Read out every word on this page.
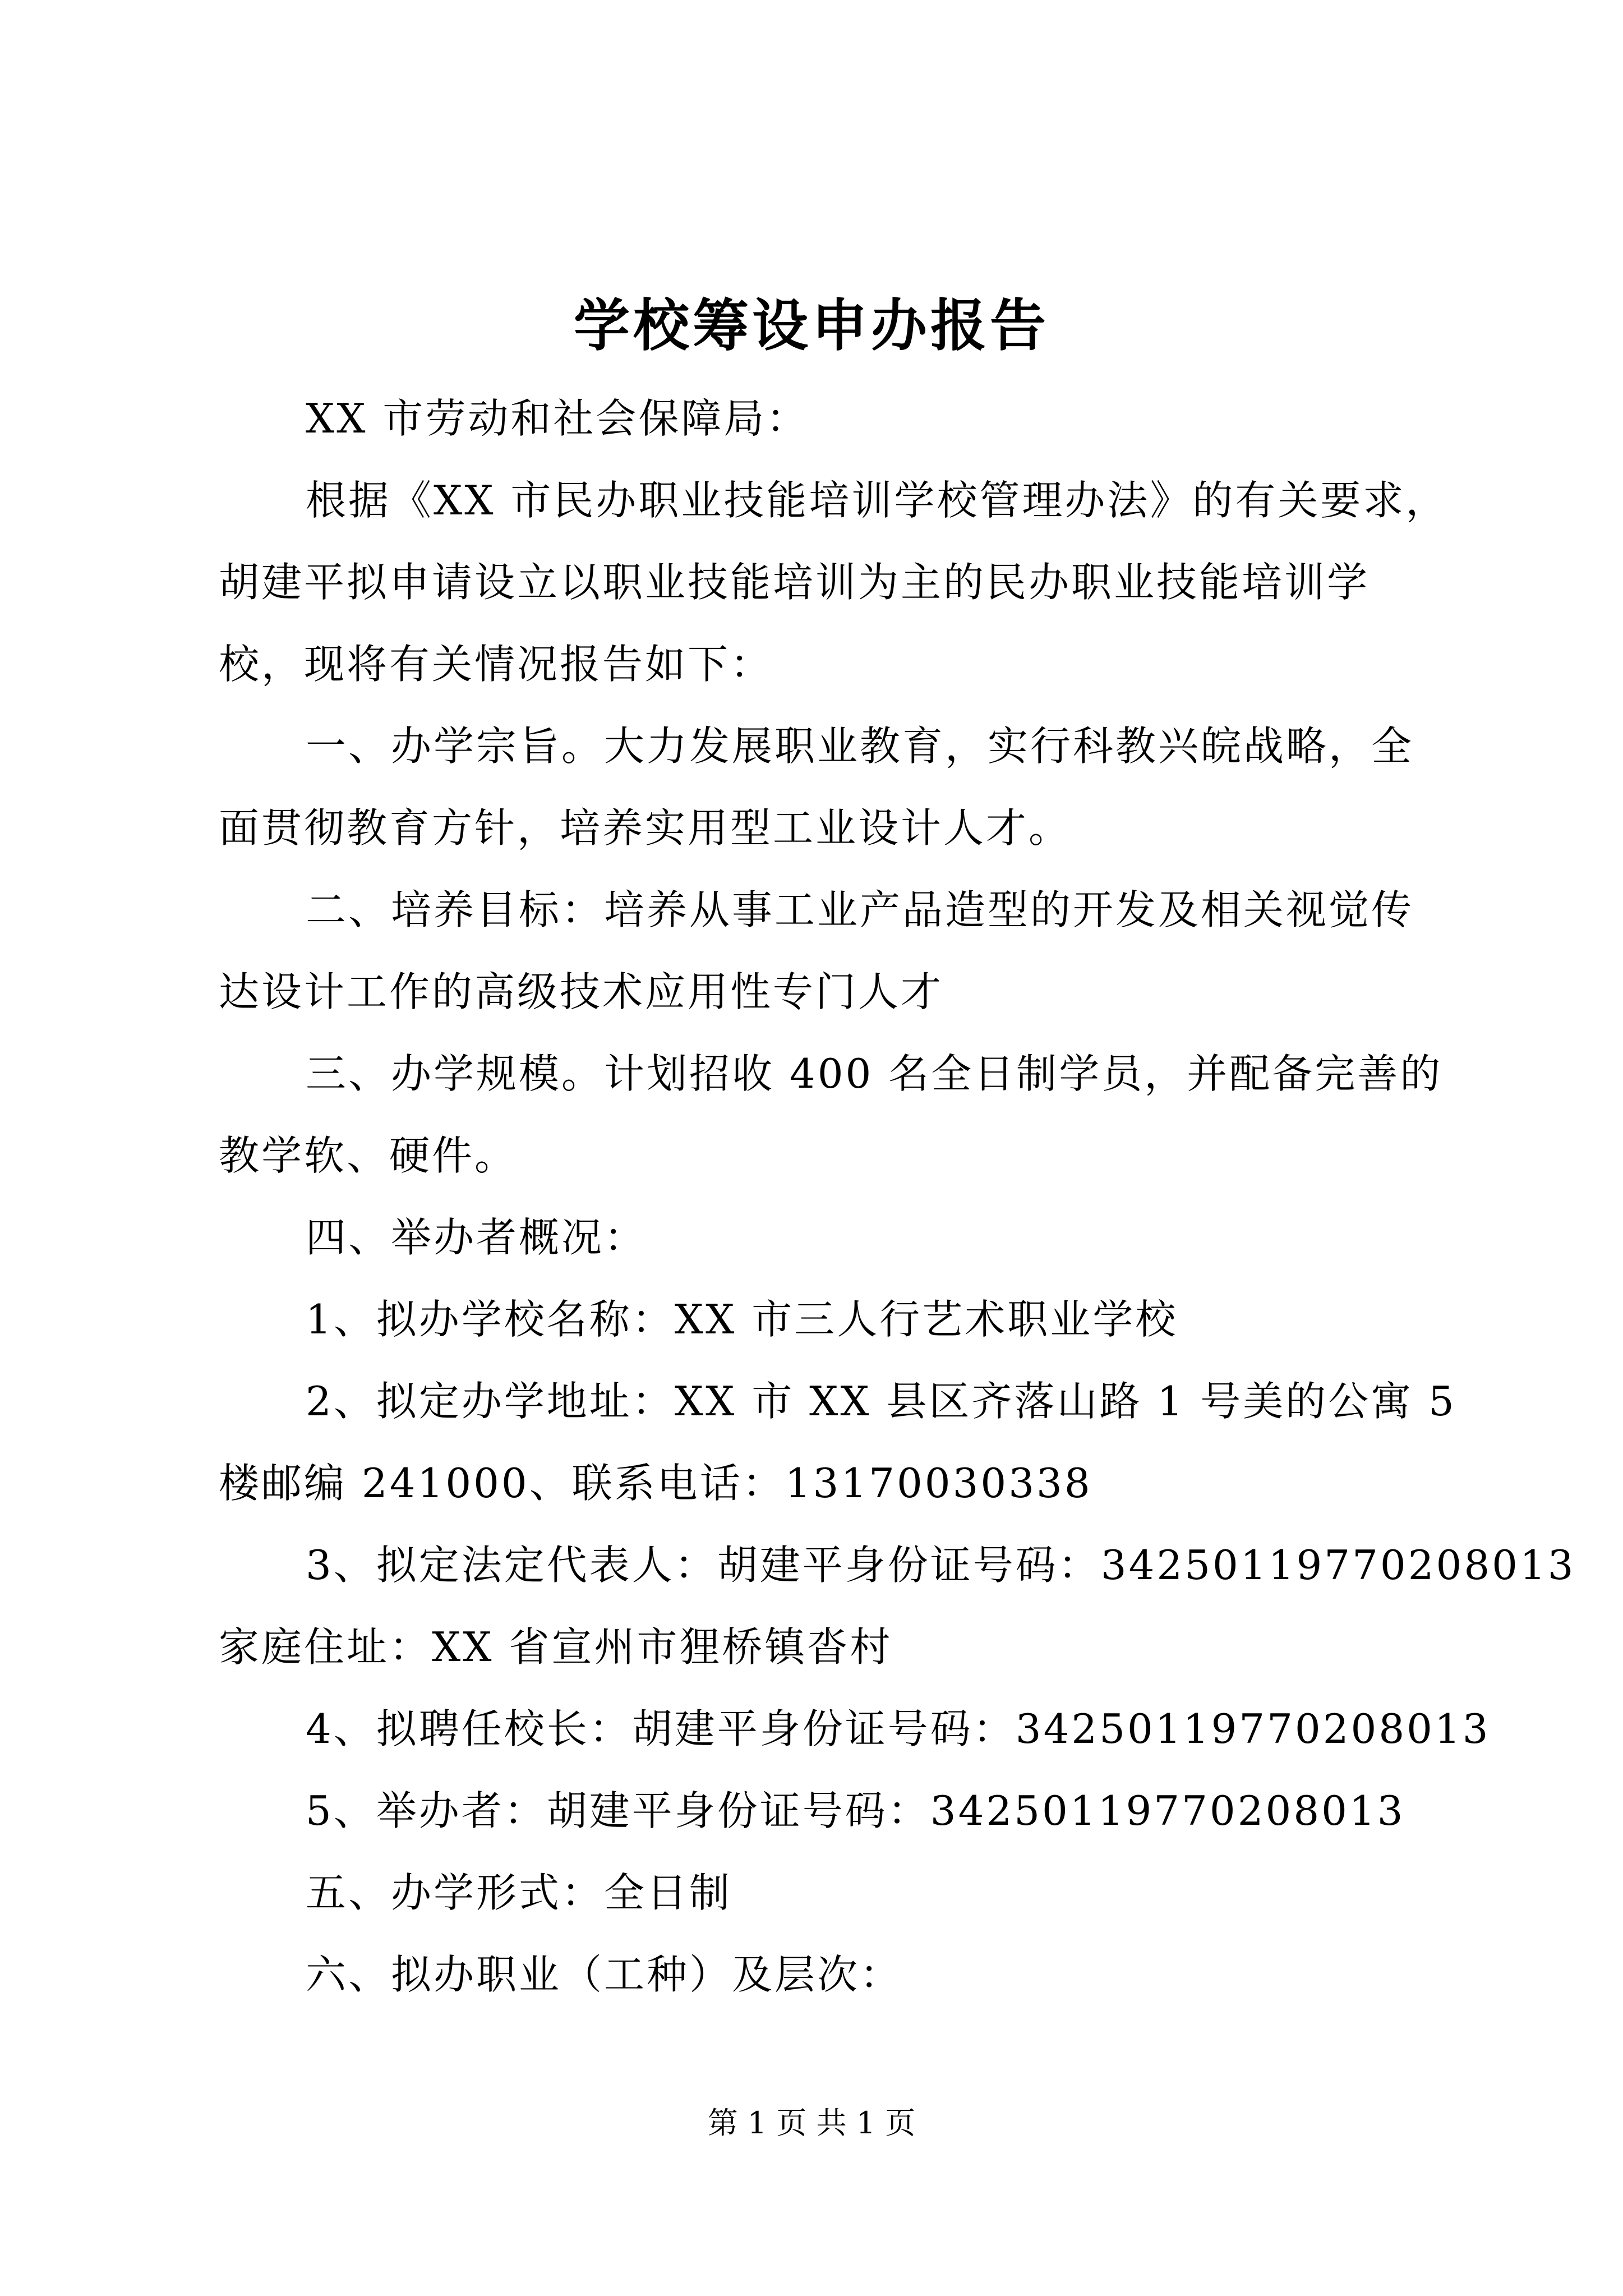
学校筹设申办报告
XX 市劳动和社会保障局：
根据《XX 市民办职业技能培训学校管理办法》的有关要求，
胡建平拟申请设立以职业技能培训为主的民办职业技能培训学
校，现将有关情况报告如下：
一、办学宗旨。大力发展职业教育，实行科教兴皖战略，全
面贯彻教育方针，培养实用型工业设计人才。
二、培养目标：培养从事工业产品造型的开发及相关视觉传
达设计工作的高级技术应用性专门人才
三、办学规模。计划招收 400 名全日制学员，并配备完善的
教学软、硬件。
四、举办者概况：
1、拟办学校名称：XX 市三人行艺术职业学校
2、拟定办学地址：XX 市 XX 县区齐落山路 1 号美的公寓 5
楼邮编 241000、联系电话：13170030338
3、拟定法定代表人：胡建平身份证号码：34250119770208013
家庭住址：XX 省宣州市狸桥镇沓村
4、拟聘任校长：胡建平身份证号码：34250119770208013
5、举办者：胡建平身份证号码：34250119770208013
五、办学形式：全日制
六、拟办职业（工种）及层次：
第 1 页 共 1 页
